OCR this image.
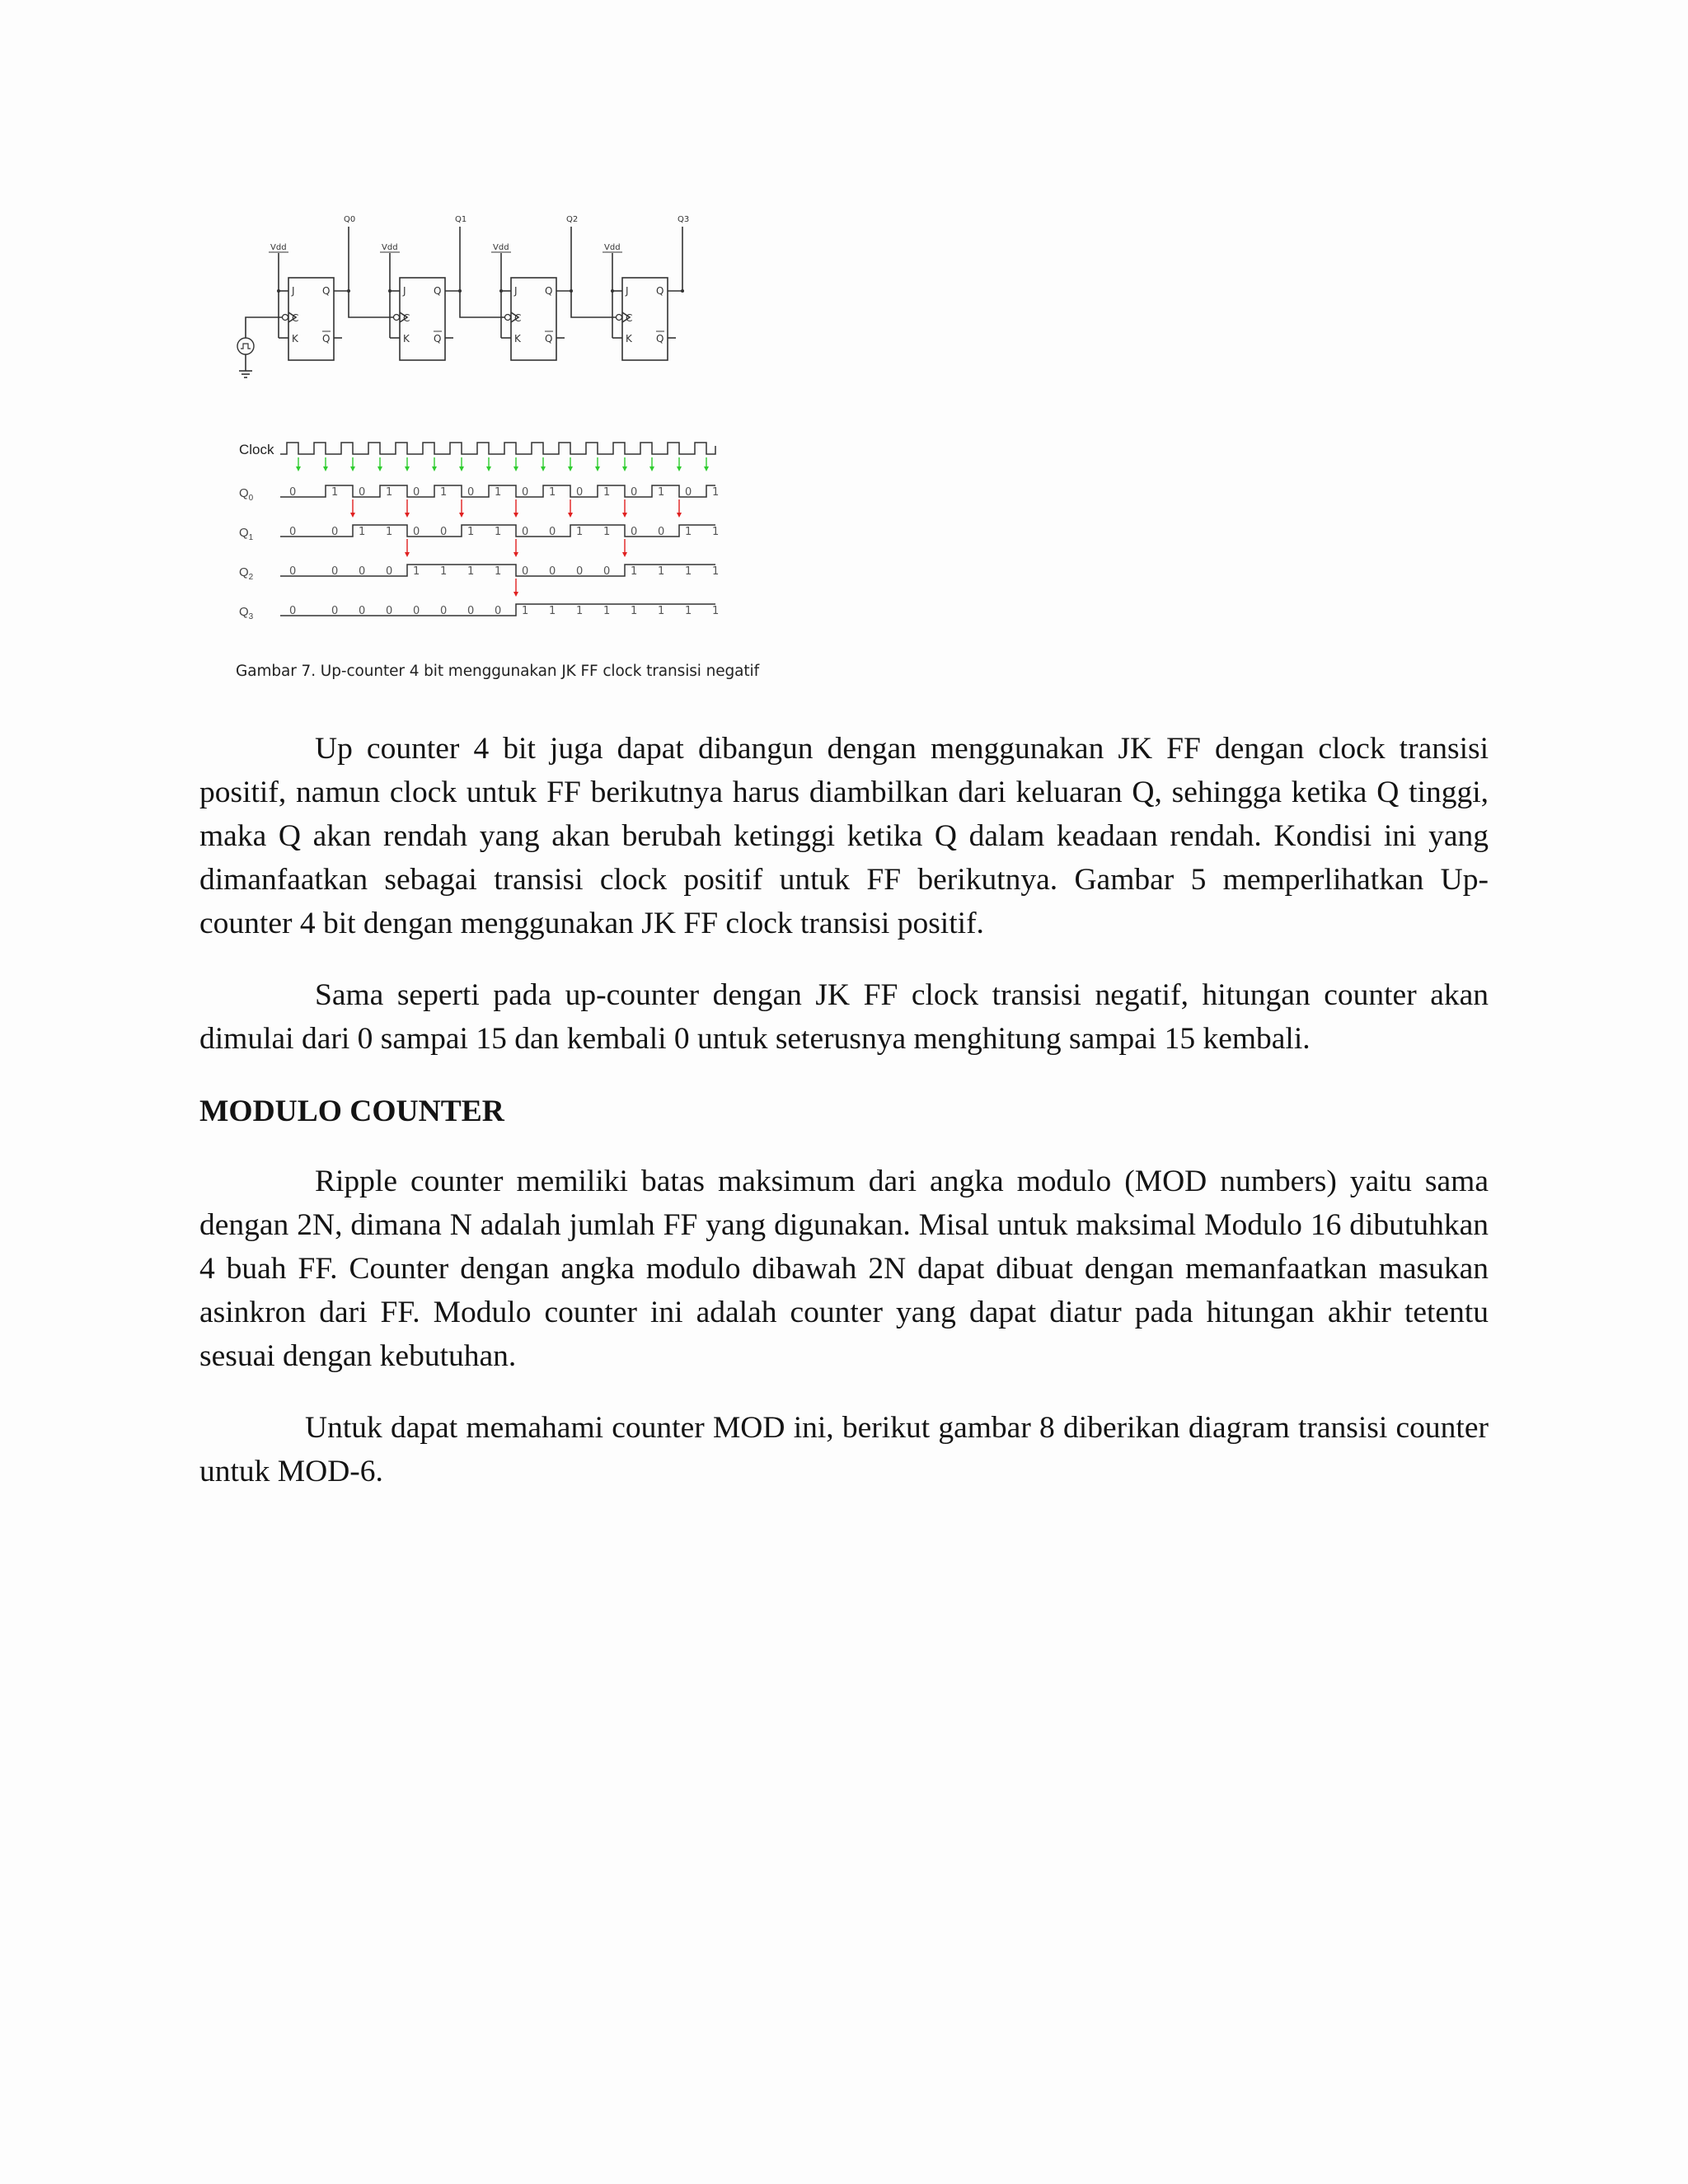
Vdd
J
C
K
Q
Q
Q0
Vdd
J
C
K
Q
Q
Q1
Vdd
J
C
K
Q
Q
Q2
Vdd
J
C
K
Q
Q
Q3
Clock
$Q_0$	0	1 0 1 0 1 0 1 0 1 0 1 0 1 0 1
$Q_1$	0	0 1 1 0 0 1 1 0 0 1 1 0 0 1 1
$Q_2$	0	0 0 0 1 1 1 1 0 0 0 0 1 1 1 1
$Q_3$	0	0 0 0 0 0 0 0 1 1 1 1 1 1 1 1
Gambar 7. Up-counter 4 bit menggunakan JK FF clock transisi negatif
Up counter 4 bit juga dapat dibangun dengan menggunakan JK FF dengan clock transisi positif, namun clock untuk FF berikutnya harus diambilkan dari keluaran Q, sehingga ketika Q tinggi, maka Q akan rendah yang akan berubah ketinggi ketika Q dalam keadaan rendah. Kondisi ini yang dimanfaatkan sebagai transisi clock positif untuk FF berikutnya. Gambar 5 memperlihatkan Up- counter 4 bit dengan menggunakan JK FF clock transisi positif.
Sama seperti pada up-counter dengan JK FF clock transisi negatif, hitungan counter akan dimulai dari 0 sampai 15 dan kembali 0 untuk seterusnya menghitung sampai 15 kembali.
MODULO COUNTER
Ripple counter memiliki batas maksimum dari angka modulo (MOD numbers) yaitu sama dengan 2N, dimana N adalah jumlah FF yang digunakan. Misal untuk maksimal Modulo 16 dibutuhkan 4 buah FF. Counter dengan angka modulo dibawah 2N dapat dibuat dengan memanfaatkan masukan asinkron dari FF. Modulo counter ini adalah counter yang dapat diatur pada hitungan akhir tetentu sesuai dengan kebutuhan.
Untuk dapat memahami counter MOD ini, berikut gambar 8 diberikan diagram transisi counter untuk MOD-6.
